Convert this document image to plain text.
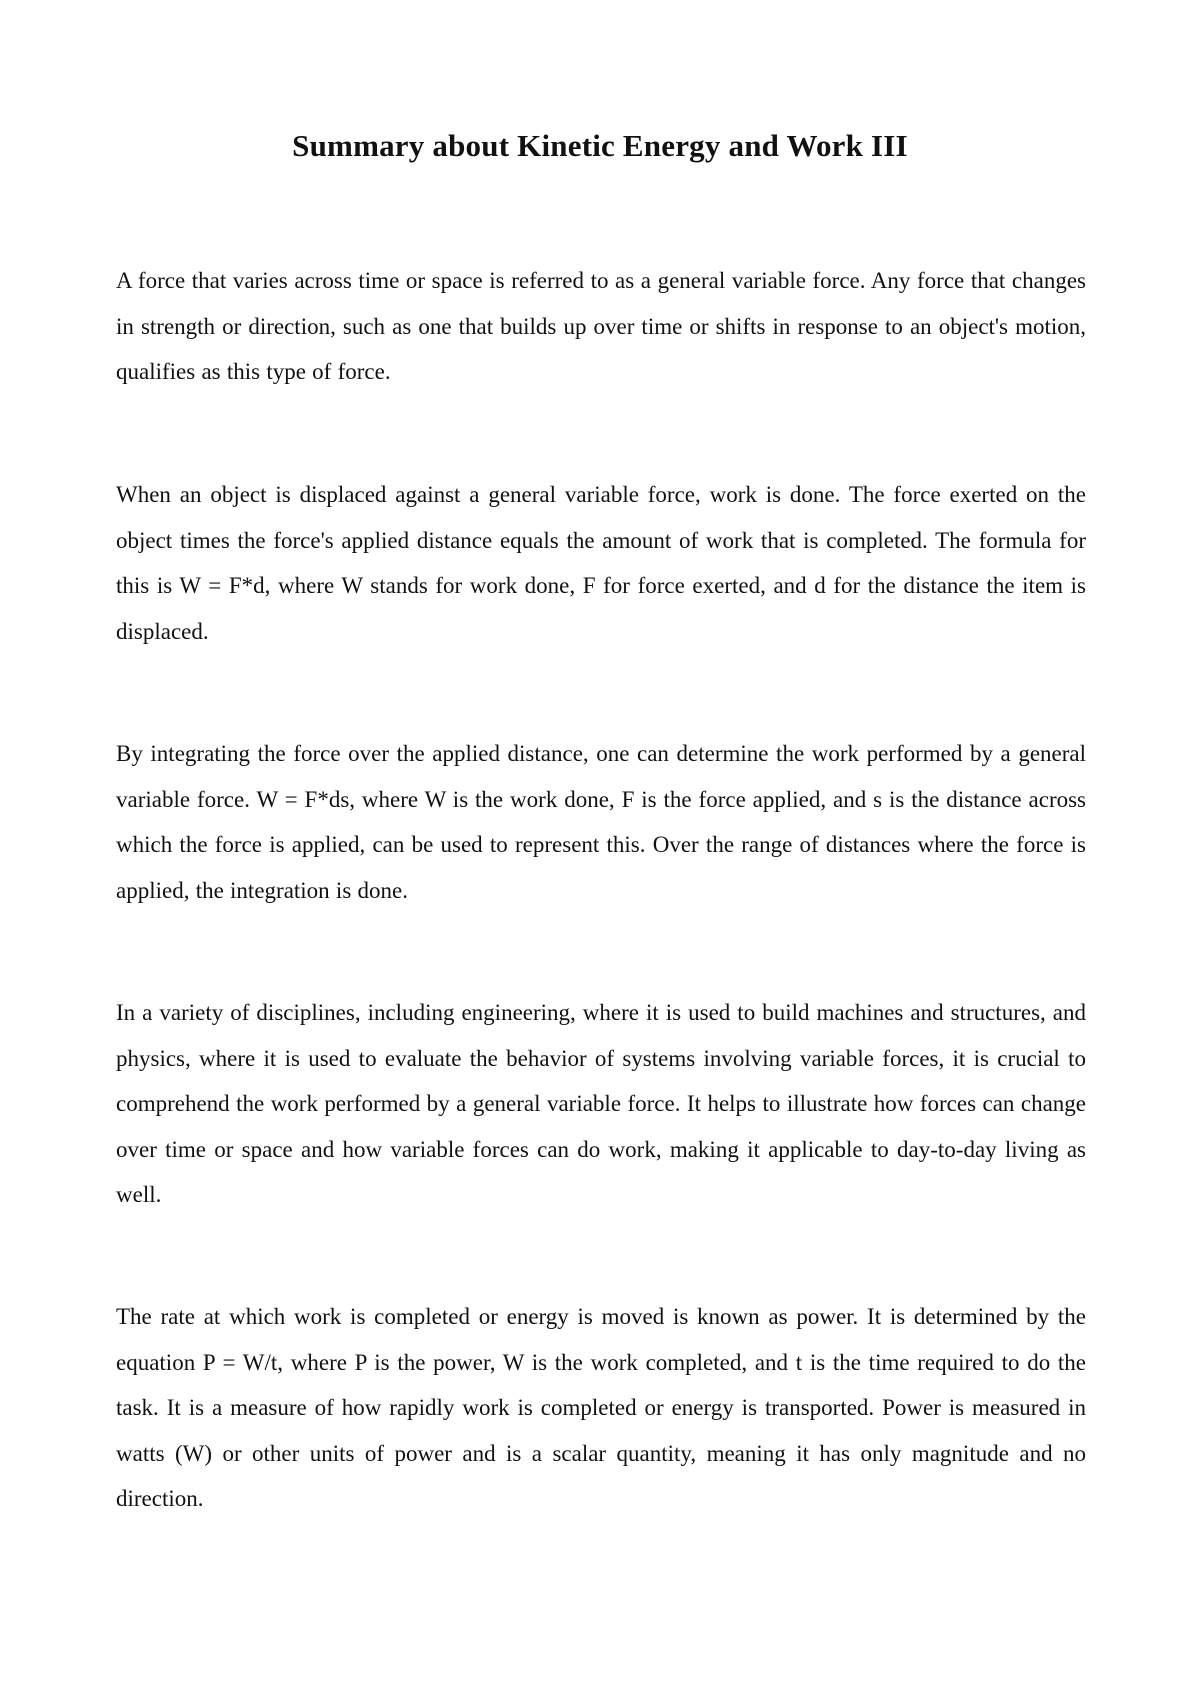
Summary about Kinetic Energy and Work III

A force that varies across time or space is referred to as a general variable force. Any force that changes in strength or direction, such as one that builds up over time or shifts in response to an object's motion, qualifies as this type of force.

When an object is displaced against a general variable force, work is done. The force exerted on the object times the force's applied distance equals the amount of work that is completed. The formula for this is W = F*d, where W stands for work done, F for force exerted, and d for the distance the item is displaced.

By integrating the force over the applied distance, one can determine the work performed by a general variable force. W = F*ds, where W is the work done, F is the force applied, and s is the distance across which the force is applied, can be used to represent this. Over the range of distances where the force is applied, the integration is done.

In a variety of disciplines, including engineering, where it is used to build machines and structures, and physics, where it is used to evaluate the behavior of systems involving variable forces, it is crucial to comprehend the work performed by a general variable force. It helps to illustrate how forces can change over time or space and how variable forces can do work, making it applicable to day-to-day living as well.

The rate at which work is completed or energy is moved is known as power. It is determined by the equation P = W/t, where P is the power, W is the work completed, and t is the time required to do the task. It is a measure of how rapidly work is completed or energy is transported. Power is measured in watts (W) or other units of power and is a scalar quantity, meaning it has only magnitude and no direction.
